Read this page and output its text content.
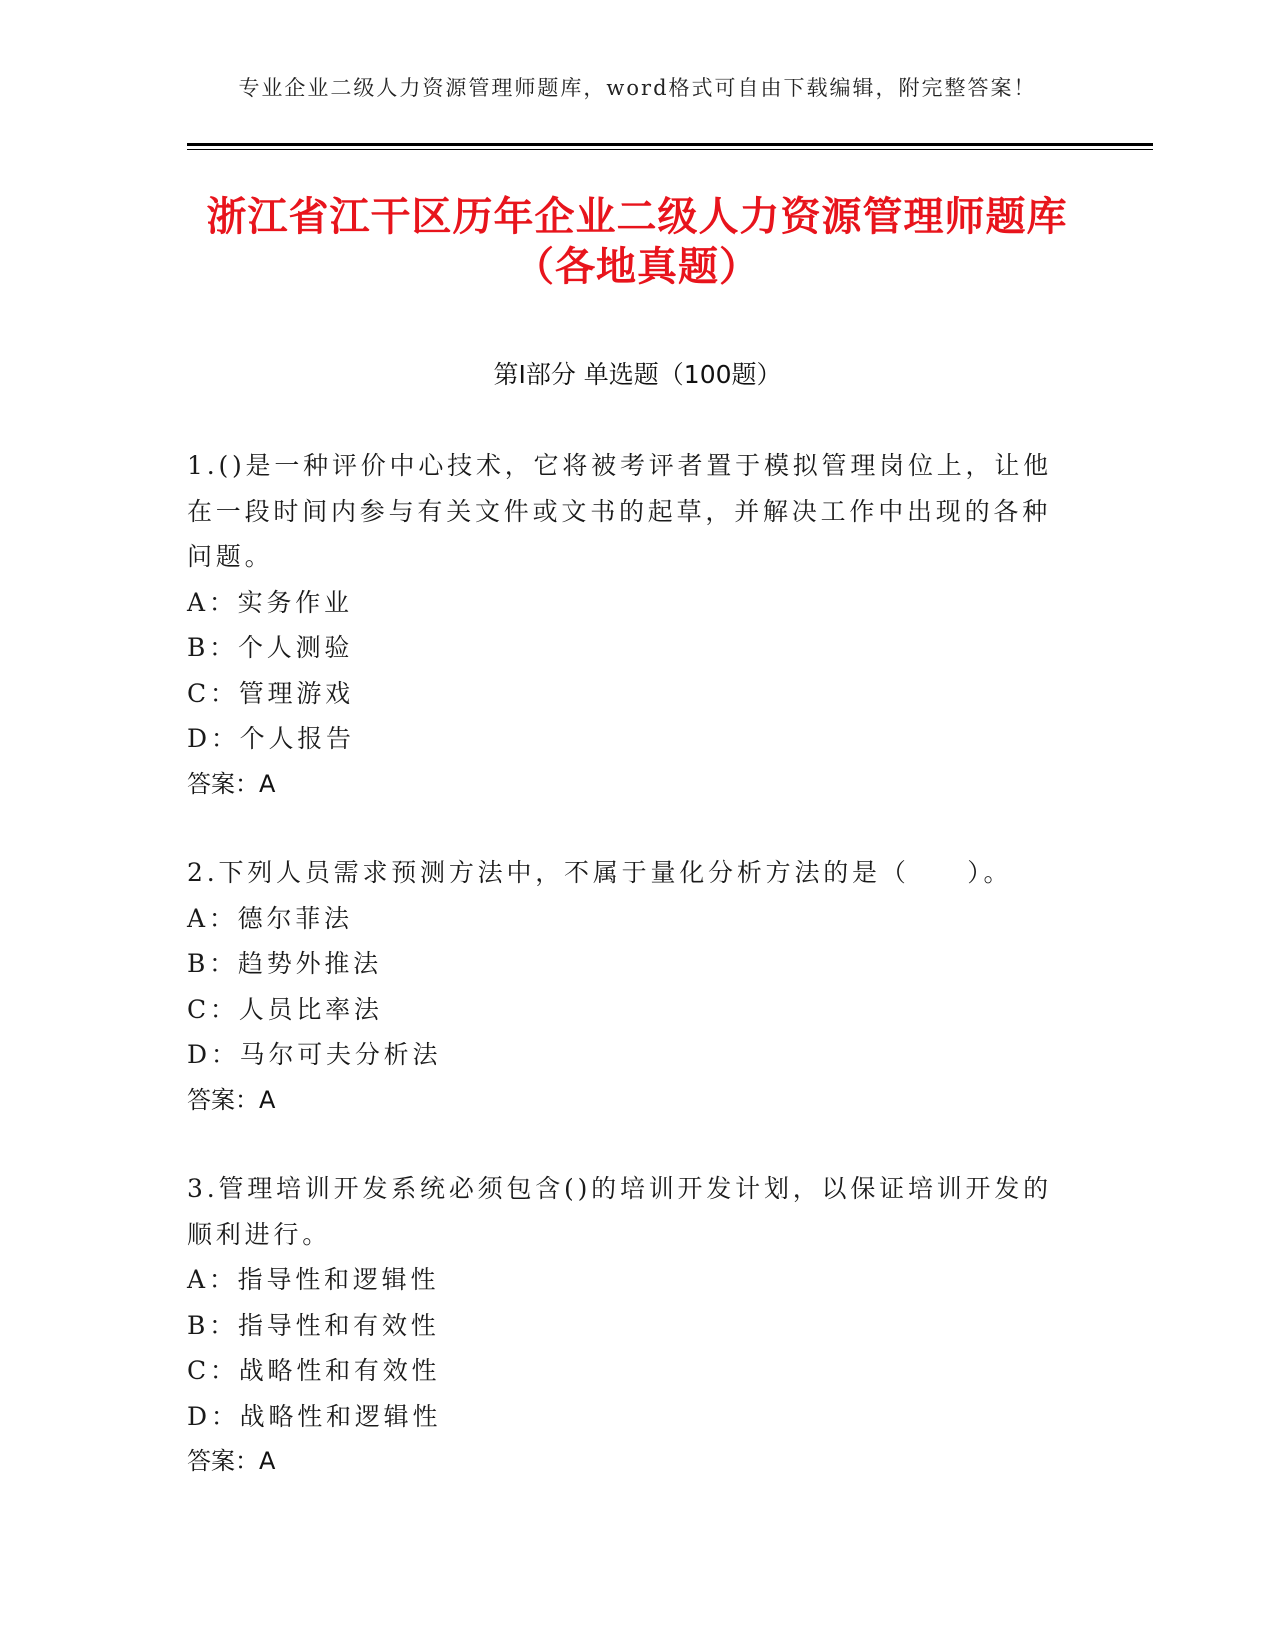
专业企业二级人力资源管理师题库，word格式可自由下载编辑，附完整答案！
浙江省江干区历年企业二级人力资源管理师题库（各地真题）
第I部分 单选题（100题）
1.()是一种评价中心技术，它将被考评者置于模拟管理岗位上，让他在一段时间内参与有关文件或文书的起草，并解决工作中出现的各种问题。
A：实务作业
B：个人测验
C：管理游戏
D：个人报告
答案：A
2.下列人员需求预测方法中，不属于量化分析方法的是（　　）。
A：德尔菲法
B：趋势外推法
C：人员比率法
D：马尔可夫分析法
答案：A
3.管理培训开发系统必须包含()的培训开发计划，以保证培训开发的顺利进行。
A：指导性和逻辑性
B：指导性和有效性
C：战略性和有效性
D：战略性和逻辑性
答案：A
